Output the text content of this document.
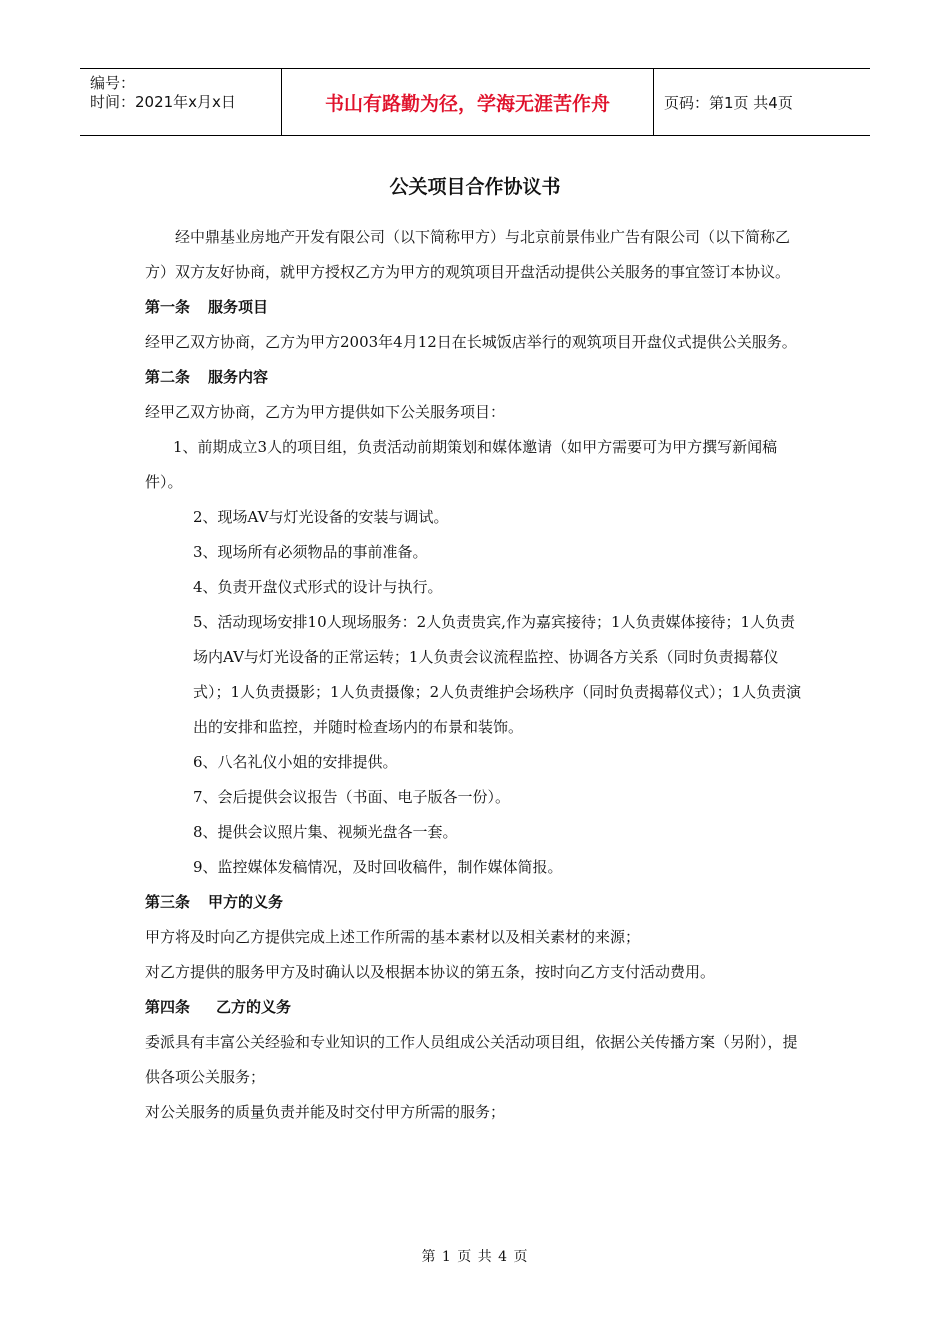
编号：
时间：2021年x月x日	书山有路勤为径，学海无涯苦作舟	页码：第1页 共4页
公关项目合作协议书

经中鼎基业房地产开发有限公司（以下简称甲方）与北京前景伟业广告有限公司（以下简称乙方）双方友好协商，就甲方授权乙方为甲方的观筑项目开盘活动提供公关服务的事宜签订本协议。

第一条 服务项目

经甲乙双方协商，乙方为甲方2003年4月12日在长城饭店举行的观筑项目开盘仪式提供公关服务。

第二条 服务内容

经甲乙双方协商，乙方为甲方提供如下公关服务项目：

1、前期成立3人的项目组，负责活动前期策划和媒体邀请（如甲方需要可为甲方撰写新闻稿件）。

2、现场AV与灯光设备的安装与调试。

3、现场所有必须物品的事前准备。

4、负责开盘仪式形式的设计与执行。

5、活动现场安排10人现场服务：2人负责贵宾,作为嘉宾接待；1人负责媒体接待；1人负责场内AV与灯光设备的正常运转；1人负责会议流程监控、协调各方关系（同时负责揭幕仪式）；1人负责摄影；1人负责摄像；2人负责维护会场秩序（同时负责揭幕仪式）；1人负责演出的安排和监控，并随时检查场内的布景和装饰。

6、八名礼仪小姐的安排提供。

7、会后提供会议报告（书面、电子版各一份）。

8、提供会议照片集、视频光盘各一套。

9、监控媒体发稿情况，及时回收稿件，制作媒体简报。

第三条 甲方的义务

甲方将及时向乙方提供完成上述工作所需的基本素材以及相关素材的来源；

对乙方提供的服务甲方及时确认以及根据本协议的第五条，按时向乙方支付活动费用。

第四条 乙方的义务

委派具有丰富公关经验和专业知识的工作人员组成公关活动项目组，依据公关传播方案（另附），提供各项公关服务；

对公关服务的质量负责并能及时交付甲方所需的服务；

第 1 页 共 4 页
